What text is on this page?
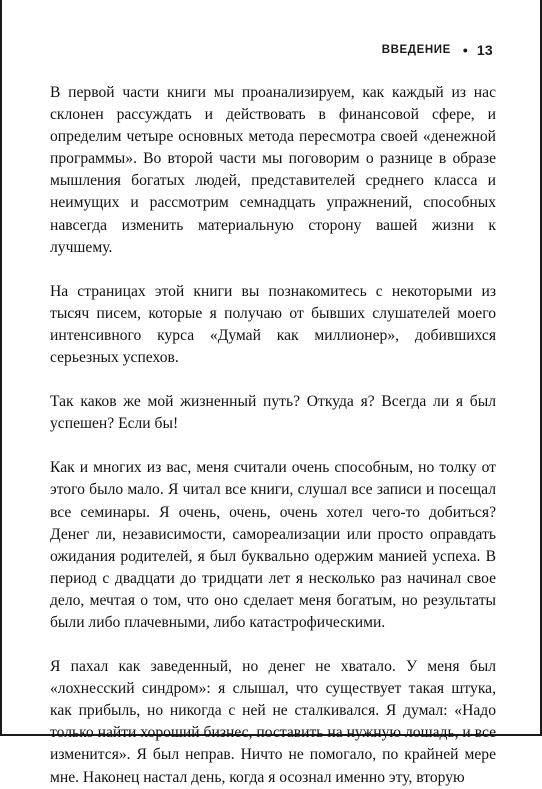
ВВЕДЕНИЕ • 13

В первой части книги мы проанализируем, как каждый из нас склонен рассуждать и действовать в финансовой сфере, и определим четыре основных метода пересмотра своей «денежной программы». Во второй части мы поговорим о разнице в образе мышления богатых людей, представителей среднего класса и неимущих и рассмотрим семнадцать упражнений, способных навсегда изменить материальную сторону вашей жизни к лучшему.

На страницах этой книги вы познакомитесь с некоторыми из тысяч писем, которые я получаю от бывших слушателей моего интенсивного курса «Думай как миллионер», добившихся серьезных успехов.

Так каков же мой жизненный путь? Откуда я? Всегда ли я был успешен? Если бы!

Как и многих из вас, меня считали очень способным, но толку от этого было мало. Я читал все книги, слушал все записи и посещал все семинары. Я очень, очень, очень хотел чего-то добиться? Денег ли, независимости, самореализации или просто оправдать ожидания родителей, я был буквально одержим манией успеха. В период с двадцати до тридцати лет я несколько раз начинал свое дело, мечтая о том, что оно сделает меня богатым, но результаты были либо плачевными, либо катастрофическими.

Я пахал как заведенный, но денег не хватало. У меня был «лохнесский синдром»: я слышал, что существует такая штука, как прибыль, но никогда с ней не сталкивался. Я думал: «Надо только найти хороший бизнес, поставить на нужную лошадь, и все изменится». Я был неправ. Ничто не помогало, по крайней мере мне. Наконец настал день, когда я осознал именно эту, вторую
